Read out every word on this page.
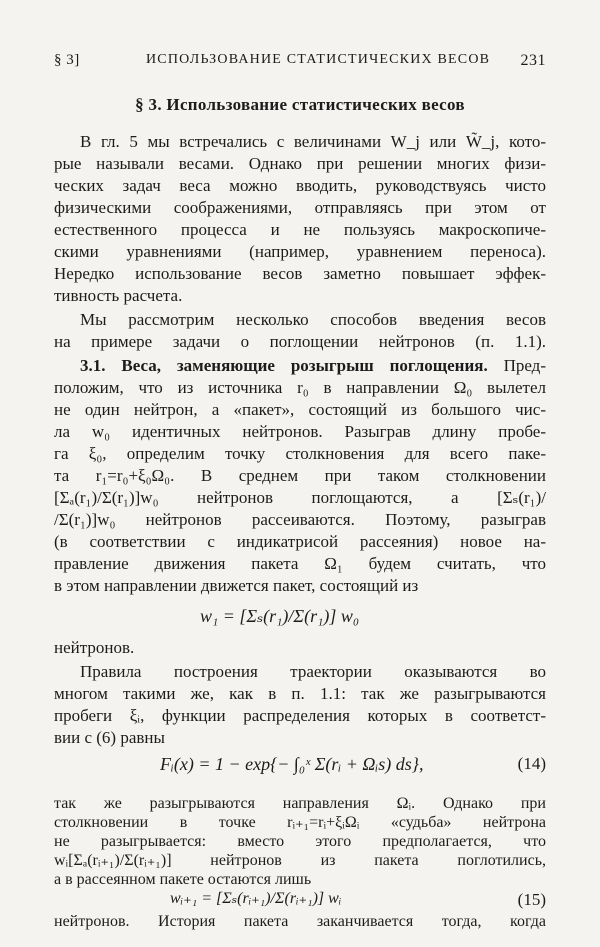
§ 3]	ИСПОЛЬЗОВАНИЕ СТАТИСТИЧЕСКИХ ВЕСОВ 231
§ 3. Использование статистических весов
В гл. 5 мы встречались с величинами W_j или W̃_j, кото-
рые называли весами. Однако при решении многих физи-
ческих задач веса можно вводить, руководствуясь чисто
физическими соображениями, отправляясь при этом от
естественного процесса и не пользуясь макроскопиче-
скими уравнениями (например, уравнением переноса).
Нередко использование весов заметно повышает эффек-
тивность расчета.
Мы рассмотрим несколько способов введения весов
на примере задачи о поглощении нейтронов (п. 1.1).
3.1. Веса, заменяющие розыгрыш поглощения. Пред-
положим, что из источника r₀ в направлении Ω₀ вылетел
не один нейтрон, а «пакет», состоящий из большого чис-
ла w₀ идентичных нейтронов. Разыграв длину пробе-
га ξ₀, определим точку столкновения для всего паке-
та r₁=r₀+ξ₀Ω₀. В среднем при таком столкновении
[Σₐ(r₁)/Σ(r₁)]w₀ нейтронов поглощаются, а [Σₛ(r₁)/
/Σ(r₁)]w₀ нейтронов рассеиваются. Поэтому, разыграв
(в соответствии с индикатрисой рассеяния) новое на-
правление движения пакета Ω₁ будем считать, что
в этом направлении движется пакет, состоящий из
w₁ = [Σₛ(r₁)/Σ(r₁)] w₀
нейтронов.
Правила построения траектории оказываются во
многом такими же, как в п. 1.1: так же разыгрываются
пробеги ξᵢ, функции распределения которых в соответст-
вии с (6) равны
Fᵢ(x) = 1 − exp{− ∫₀ˣ Σ(rᵢ + Ωᵢs) ds},	(14)
так же разыгрываются направления Ωᵢ. Однако при
столкновении в точке rᵢ₊₁=rᵢ+ξᵢΩᵢ «судьба» нейтрона
не разыгрывается: вместо этого предполагается, что
wᵢ[Σₐ(rᵢ₊₁)/Σ(rᵢ₊₁)] нейтронов из пакета поглотились,
а в рассеянном пакете остаются лишь
wᵢ₊₁ = [Σₛ(rᵢ₊₁)/Σ(rᵢ₊₁)] wᵢ	(15)
нейтронов. История пакета заканчивается тогда, когда
